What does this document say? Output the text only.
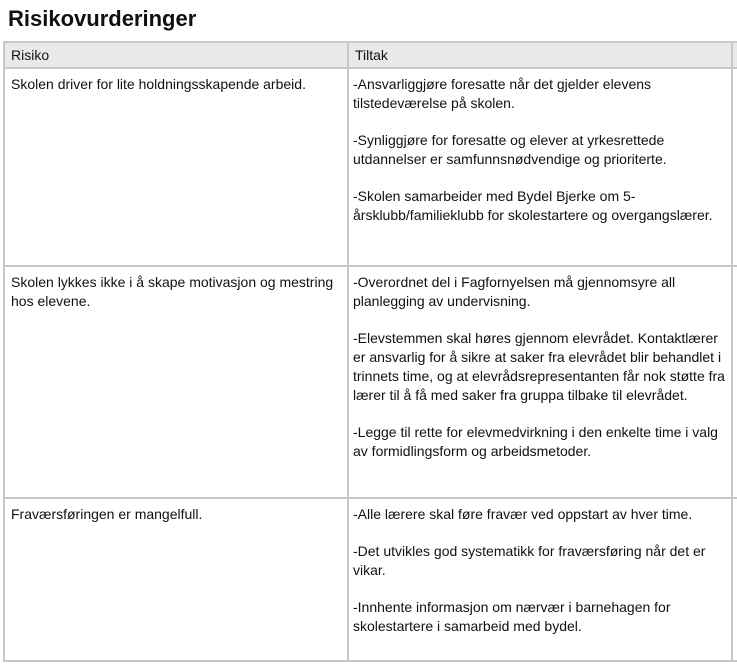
Risikovurderinger
Risiko	Tiltak	
Skolen driver for lite holdningsskapende arbeid.	-Ansvarliggjøre foresatte når det gjelder elevens tilstedeværelse på skolen.

-Synliggjøre for foresatte og elever at yrkesrettede utdannelser er samfunnsnødvendige og prioriterte.

-Skolen samarbeider med Bydel Bjerke om 5-årsklubb/familieklubb for skolestartere og overgangslærer.	

Skolen lykkes ikke i å skape motivasjon og mestring hos elevene.	-Overordnet del i Fagfornyelsen må gjennomsyre all planlegging av undervisning.

-Elevstemmen skal høres gjennom elevrådet. Kontaktlærer er ansvarlig for å sikre at saker fra elevrådet blir behandlet i trinnets time, og at elevrådsrepresentanten får nok støtte fra lærer til å få med saker fra gruppa tilbake til elevrådet.

-Legge til rette for elevmedvirkning i den enkelte time i valg av formidlingsform og arbeidsmetoder.	

Fraværsføringen er mangelfull.	-Alle lærere skal føre fravær ved oppstart av hver time.

-Det utvikles god systematikk for fraværsføring når det er vikar.

-Innhente informasjon om nærvær i barnehagen for skolestartere i samarbeid med bydel.	
